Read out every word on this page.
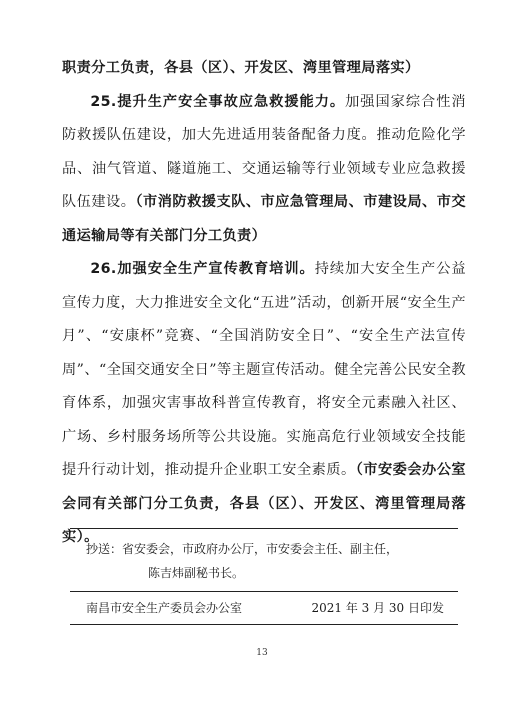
职责分工负责，各县（区）、开发区、湾里管理局落实）

25.提升生产安全事故应急救援能力。加强国家综合性消防救援队伍建设，加大先进适用装备配备力度。推动危险化学品、油气管道、隧道施工、交通运输等行业领域专业应急救援队伍建设。（市消防救援支队、市应急管理局、市建设局、市交通运输局等有关部门分工负责）

26.加强安全生产宣传教育培训。持续加大安全生产公益宣传力度，大力推进安全文化“五进”活动，创新开展“安全生产月”、“安康杯”竞赛、“全国消防安全日”、“安全生产法宣传周”、“全国交通安全日”等主题宣传活动。健全完善公民安全教育体系，加强灾害事故科普宣传教育，将安全元素融入社区、广场、乡村服务场所等公共设施。实施高危行业领域安全技能提升行动计划，推动提升企业职工安全素质。（市安委会办公室会同有关部门分工负责，各县（区）、开发区、湾里管理局落实）。

抄送：省安委会，市政府办公厅，市安委会主任、副主任，
陈吉炜副秘书长。
南昌市安全生产委员会办公室	2021 年 3 月 30 日印发
13
